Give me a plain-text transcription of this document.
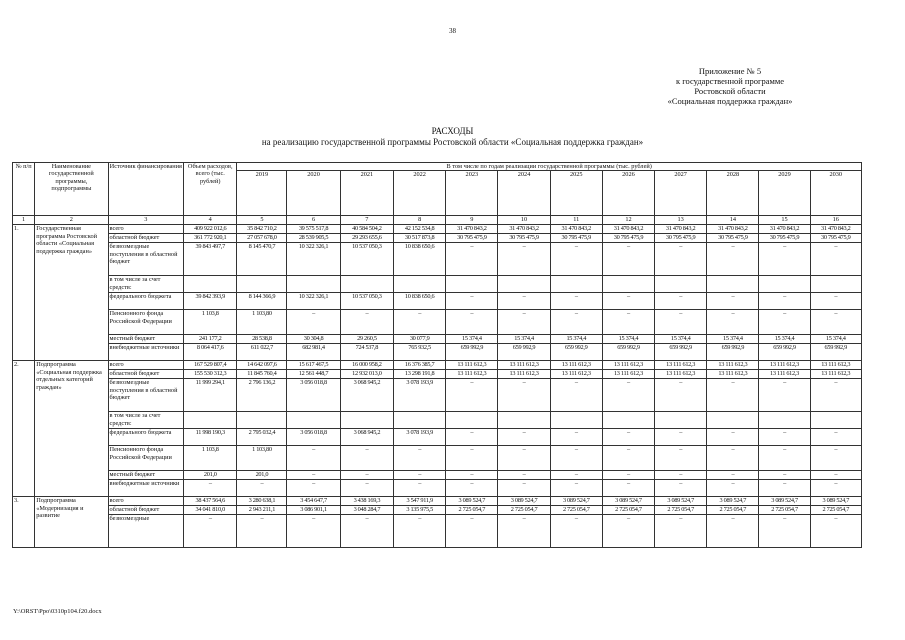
38
Приложение № 5
к государственной программе
Ростовской области
«Социальная поддержка граждан»
РАСХОДЫ
на реализацию государственной программы Ростовской области «Социальная поддержка граждан»
№ п/п	Наименование государственной программы, подпрограммы	Источник финансирования	Объем расходов, всего (тыс. рублей)	В том числе по годам реализации государственной программы (тыс. рублей)											
				2019	2020	2021	2022	2023	2024	2025	2026	2027	2028	2029	2030
1	2	3	4	5	6	7	8	9	10	11	12	13	14	15	16
1.	Государственная программа Ростовской области «Социальная поддержка граждан»	всего	409 922 012,6	35 842 710,2	39 575 517,8	40 584 504,2	42 152 534,8	31 470 843,2	31 470 843,2	31 470 843,2	31 470 843,2	31 470 843,2	31 470 843,2	31 470 843,2	31 470 843,2
		областной бюджет	361 772 920,1	27 057 678,0	28 539 905,5	29 293 655,6	30 517 873,8	30 795 475,9	30 795 475,9	30 795 475,9	30 795 475,9	30 795 475,9	30 795 475,9	30 795 475,9	30 795 475,9
		безвозмездные поступления в областной бюджет	39 843 497,7	8 145 470,7	10 322 326,1	10 537 050,3	10 838 650,6	–	–	–	–	–	–	–	–
		в том числе за счет средств:													
		федерального бюджета	39 842 393,9	8 144 366,9	10 322 326,1	10 537 050,3	10 838 650,6	–	–	–	–	–	–	–	–
		Пенсионного фонда Российской Федерации	1 103,8	1 103,80	–	–	–	–	–	–	–	–	–	–	–
		местный бюджет	241 177,2	28 538,8	30 304,8	29 260,5	30 077,9	15 374,4	15 374,4	15 374,4	15 374,4	15 374,4	15 374,4	15 374,4	15 374,4
		внебюджетные источники	8 064 417,6	611 022,7	682 981,4	724 537,8	765 932,5	659 992,9	659 992,9	659 992,9	659 992,9	659 992,9	659 992,9	659 992,9	659 992,9
2.	Подпрограмма «Социальная поддержка отдельных категорий граждан»	всего	167 529 807,4	14 642 097,6	15 617 467,5	16 000 958,2	16 376 385,7	13 111 612,3	13 111 612,3	13 111 612,3	13 111 612,3	13 111 612,3	13 111 612,3	13 111 612,3	13 111 612,3
		областной бюджет	155 530 312,3	11 845 760,4	12 561 448,7	12 932 013,0	13 298 191,8	13 111 612,3	13 111 612,3	13 111 612,3	13 111 612,3	13 111 612,3	13 111 612,3	13 111 612,3	13 111 612,3
		безвозмездные поступления в областной бюджет	11 999 294,1	2 796 136,2	3 056 018,8	3 068 945,2	3 078 193,9	–	–	–	–	–	–	–	–
		в том числе за счет средств:													
		федерального бюджета	11 998 190,3	2 795 032,4	3 056 018,8	3 068 945,2	3 078 193,9	–	–	–	–	–	–	–	–
		Пенсионного фонда Российской Федерации	1 103,8	1 103,80	–	–	–	–	–	–	–	–	–	–	–
		местный бюджет	201,0	201,0	–	–	–	–	–	–	–	–	–	–	–
		внебюджетные источники	–	–	–	–	–	–	–	–	–	–	–	–	–
3.	Подпрограмма «Модернизация и развитие	всего	38 437 564,6	3 280 638,1	3 454 647,7	3 438 169,3	3 547 911,9	3 089 524,7	3 089 524,7	3 089 524,7	3 089 524,7	3 089 524,7	3 089 524,7	3 089 524,7	3 089 524,7
		областной бюджет	34 041 810,0	2 943 211,1	3 086 901,1	3 048 284,7	3 135 975,5	2 725 054,7	2 725 054,7	2 725 054,7	2 725 054,7	2 725 054,7	2 725 054,7	2 725 054,7	2 725 054,7
		безвозмездные	–	–	–	–	–	–	–	–	–	–	–	–	–
Y:\ORST\Ppo\0310p104.f20.docx
